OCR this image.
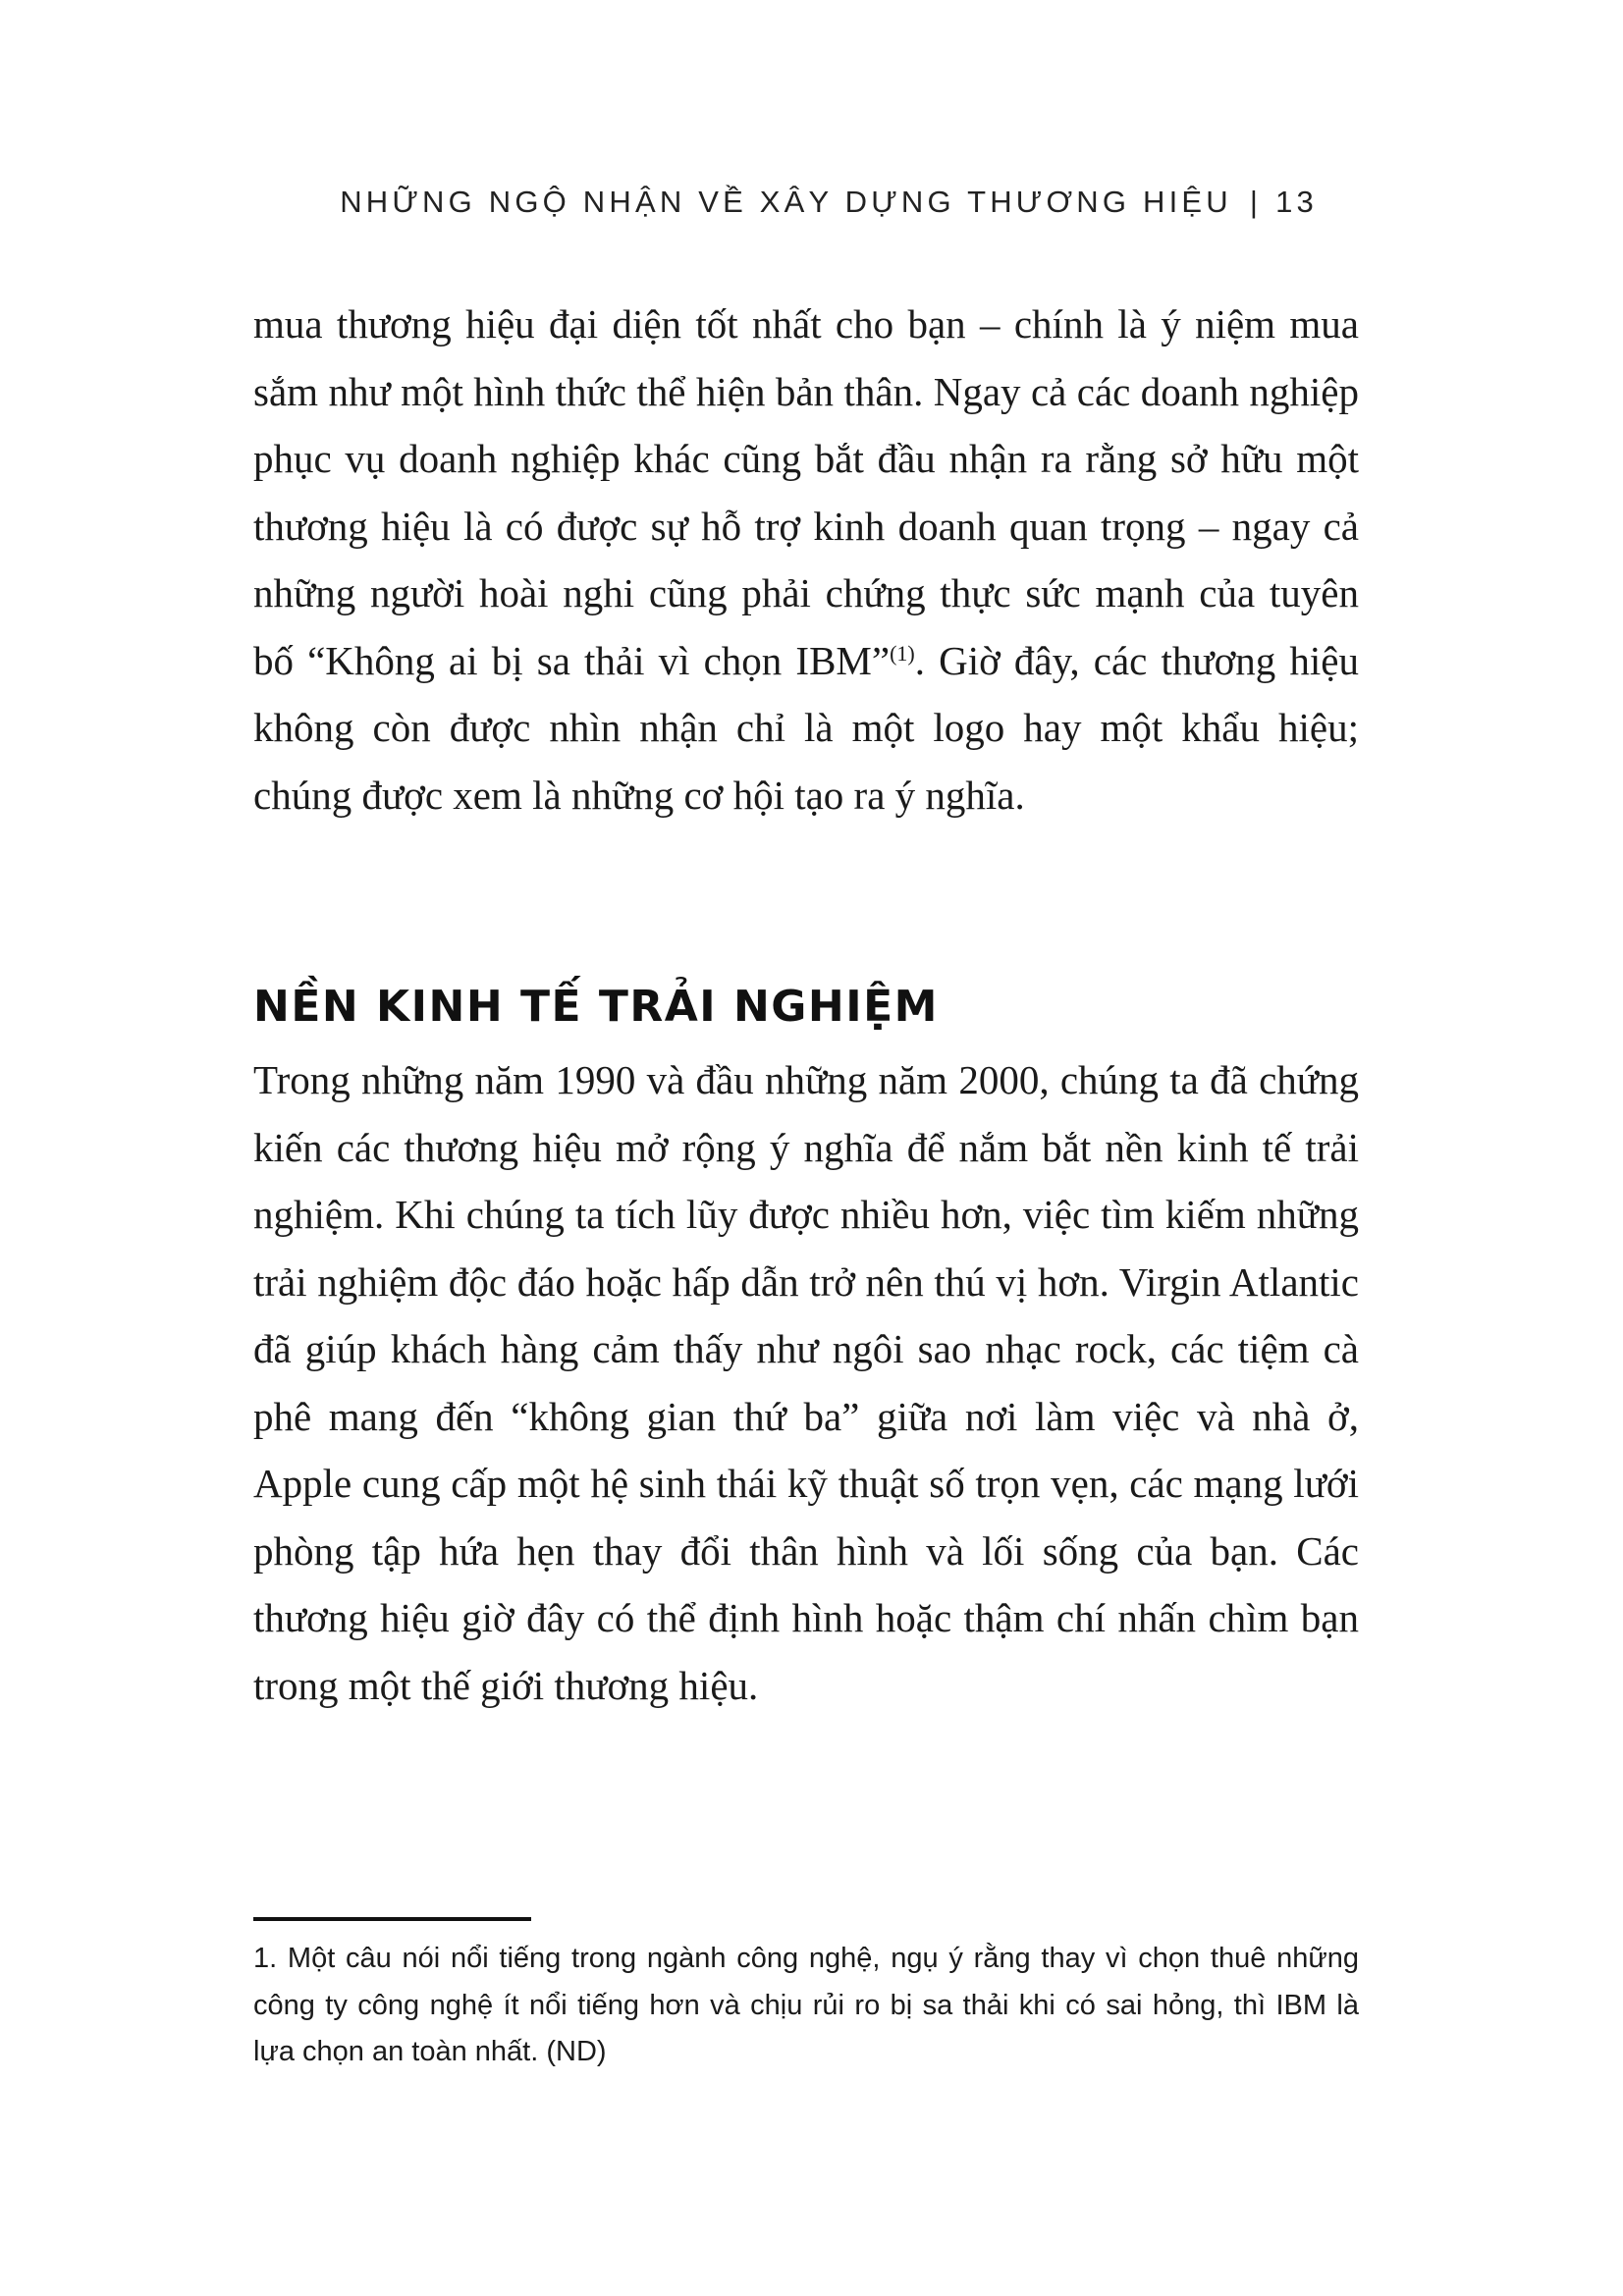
NHỮNG NGỘ NHẬN VỀ XÂY DỰNG THƯƠNG HIỆU | 13

mua thương hiệu đại diện tốt nhất cho bạn – chính là ý niệm mua sắm như một hình thức thể hiện bản thân. Ngay cả các doanh nghiệp phục vụ doanh nghiệp khác cũng bắt đầu nhận ra rằng sở hữu một thương hiệu là có được sự hỗ trợ kinh doanh quan trọng – ngay cả những người hoài nghi cũng phải chứng thực sức mạnh của tuyên bố “Không ai bị sa thải vì chọn IBM”$^{(1)}$. Giờ đây, các thương hiệu không còn được nhìn nhận chỉ là một logo hay một khẩu hiệu; chúng được xem là những cơ hội tạo ra ý nghĩa.

NỀN KINH TẾ TRẢI NGHIỆM

Trong những năm 1990 và đầu những năm 2000, chúng ta đã chứng kiến các thương hiệu mở rộng ý nghĩa để nắm bắt nền kinh tế trải nghiệm. Khi chúng ta tích lũy được nhiều hơn, việc tìm kiếm những trải nghiệm độc đáo hoặc hấp dẫn trở nên thú vị hơn. Virgin Atlantic đã giúp khách hàng cảm thấy như ngôi sao nhạc rock, các tiệm cà phê mang đến “không gian thứ ba” giữa nơi làm việc và nhà ở, Apple cung cấp một hệ sinh thái kỹ thuật số trọn vẹn, các mạng lưới phòng tập hứa hẹn thay đổi thân hình và lối sống của bạn. Các thương hiệu giờ đây có thể định hình hoặc thậm chí nhấn chìm bạn trong một thế giới thương hiệu.

1. Một câu nói nổi tiếng trong ngành công nghệ, ngụ ý rằng thay vì chọn thuê những công ty công nghệ ít nổi tiếng hơn và chịu rủi ro bị sa thải khi có sai hỏng, thì IBM là lựa chọn an toàn nhất. (ND)
